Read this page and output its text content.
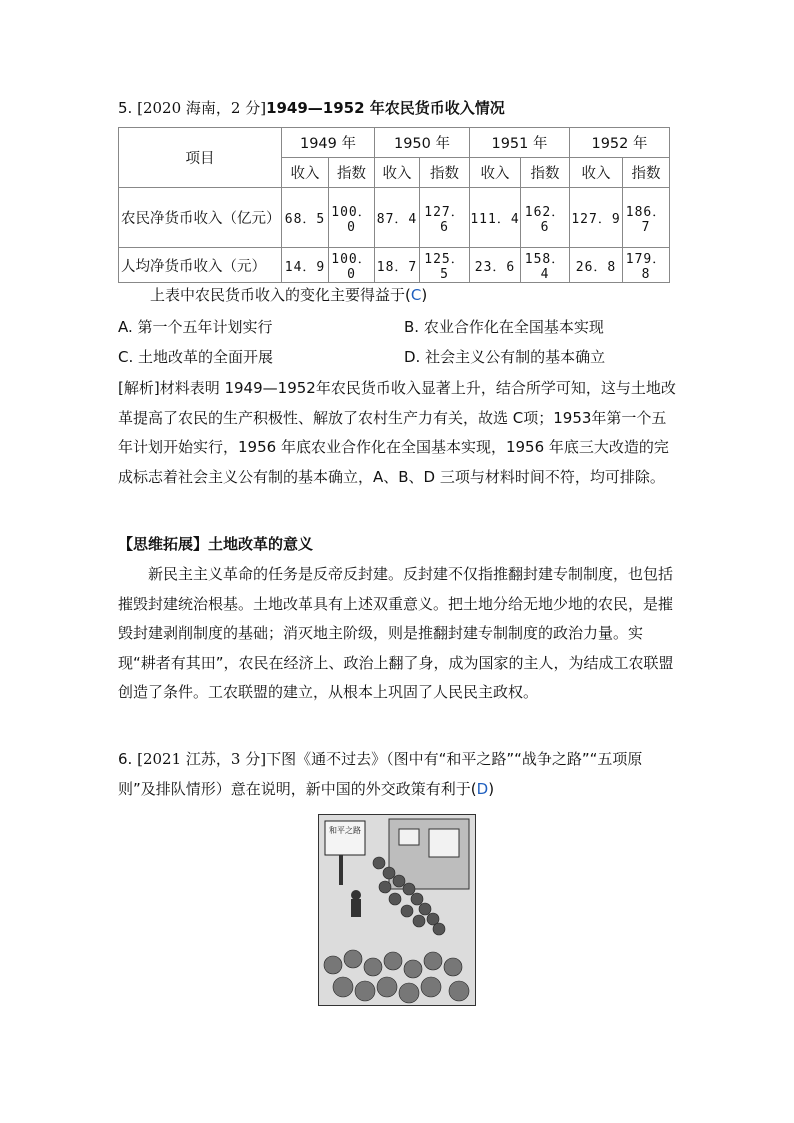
5. [2020 海南，2 分]1949—1952 年农民货币收入情况
项目	1949 年		1950 年		1951 年		1952 年	
	收入	指数	收入	指数	收入	指数	收入	指数
农民净货币收入（亿元）	68．5	100．0	87．4	127．6	111．4	162．6	127．9	186．7
人均净货币收入（元）	14．9	100．0	18．7	125．5	23．6	158．4	26．8	179．8
上表中农民货币收入的变化主要得益于(C)
A. 第一个五年计划实行	B. 农业合作化在全国基本实现
C. 土地改革的全面开展	D. 社会主义公有制的基本确立
[解析]材料表明 1949—1952年农民货币收入显著上升，结合所学可知，这与土地改革提高了农民的生产积极性、解放了农村生产力有关，故选 C项；1953年第一个五年计划开始实行，1956 年底农业合作化在全国基本实现，1956 年底三大改造的完成标志着社会主义公有制的基本确立，A、B、D 三项与材料时间不符，均可排除。
【思维拓展】土地改革的意义
新民主主义革命的任务是反帝反封建。反封建不仅指推翻封建专制制度，也包括摧毁封建统治根基。土地改革具有上述双重意义。把土地分给无地少地的农民，是摧毁封建剥削制度的基础；消灭地主阶级，则是推翻封建专制制度的政治力量。实现“耕者有其田”，农民在经济上、政治上翻了身，成为国家的主人，为结成工农联盟创造了条件。工农联盟的建立，从根本上巩固了人民民主政权。
6. [2021 江苏，3 分]下图《通不过去》（图中有“和平之路”“战争之路”“五项原则”及排队情形）意在说明，新中国的外交政策有利于(D)
和平之路
